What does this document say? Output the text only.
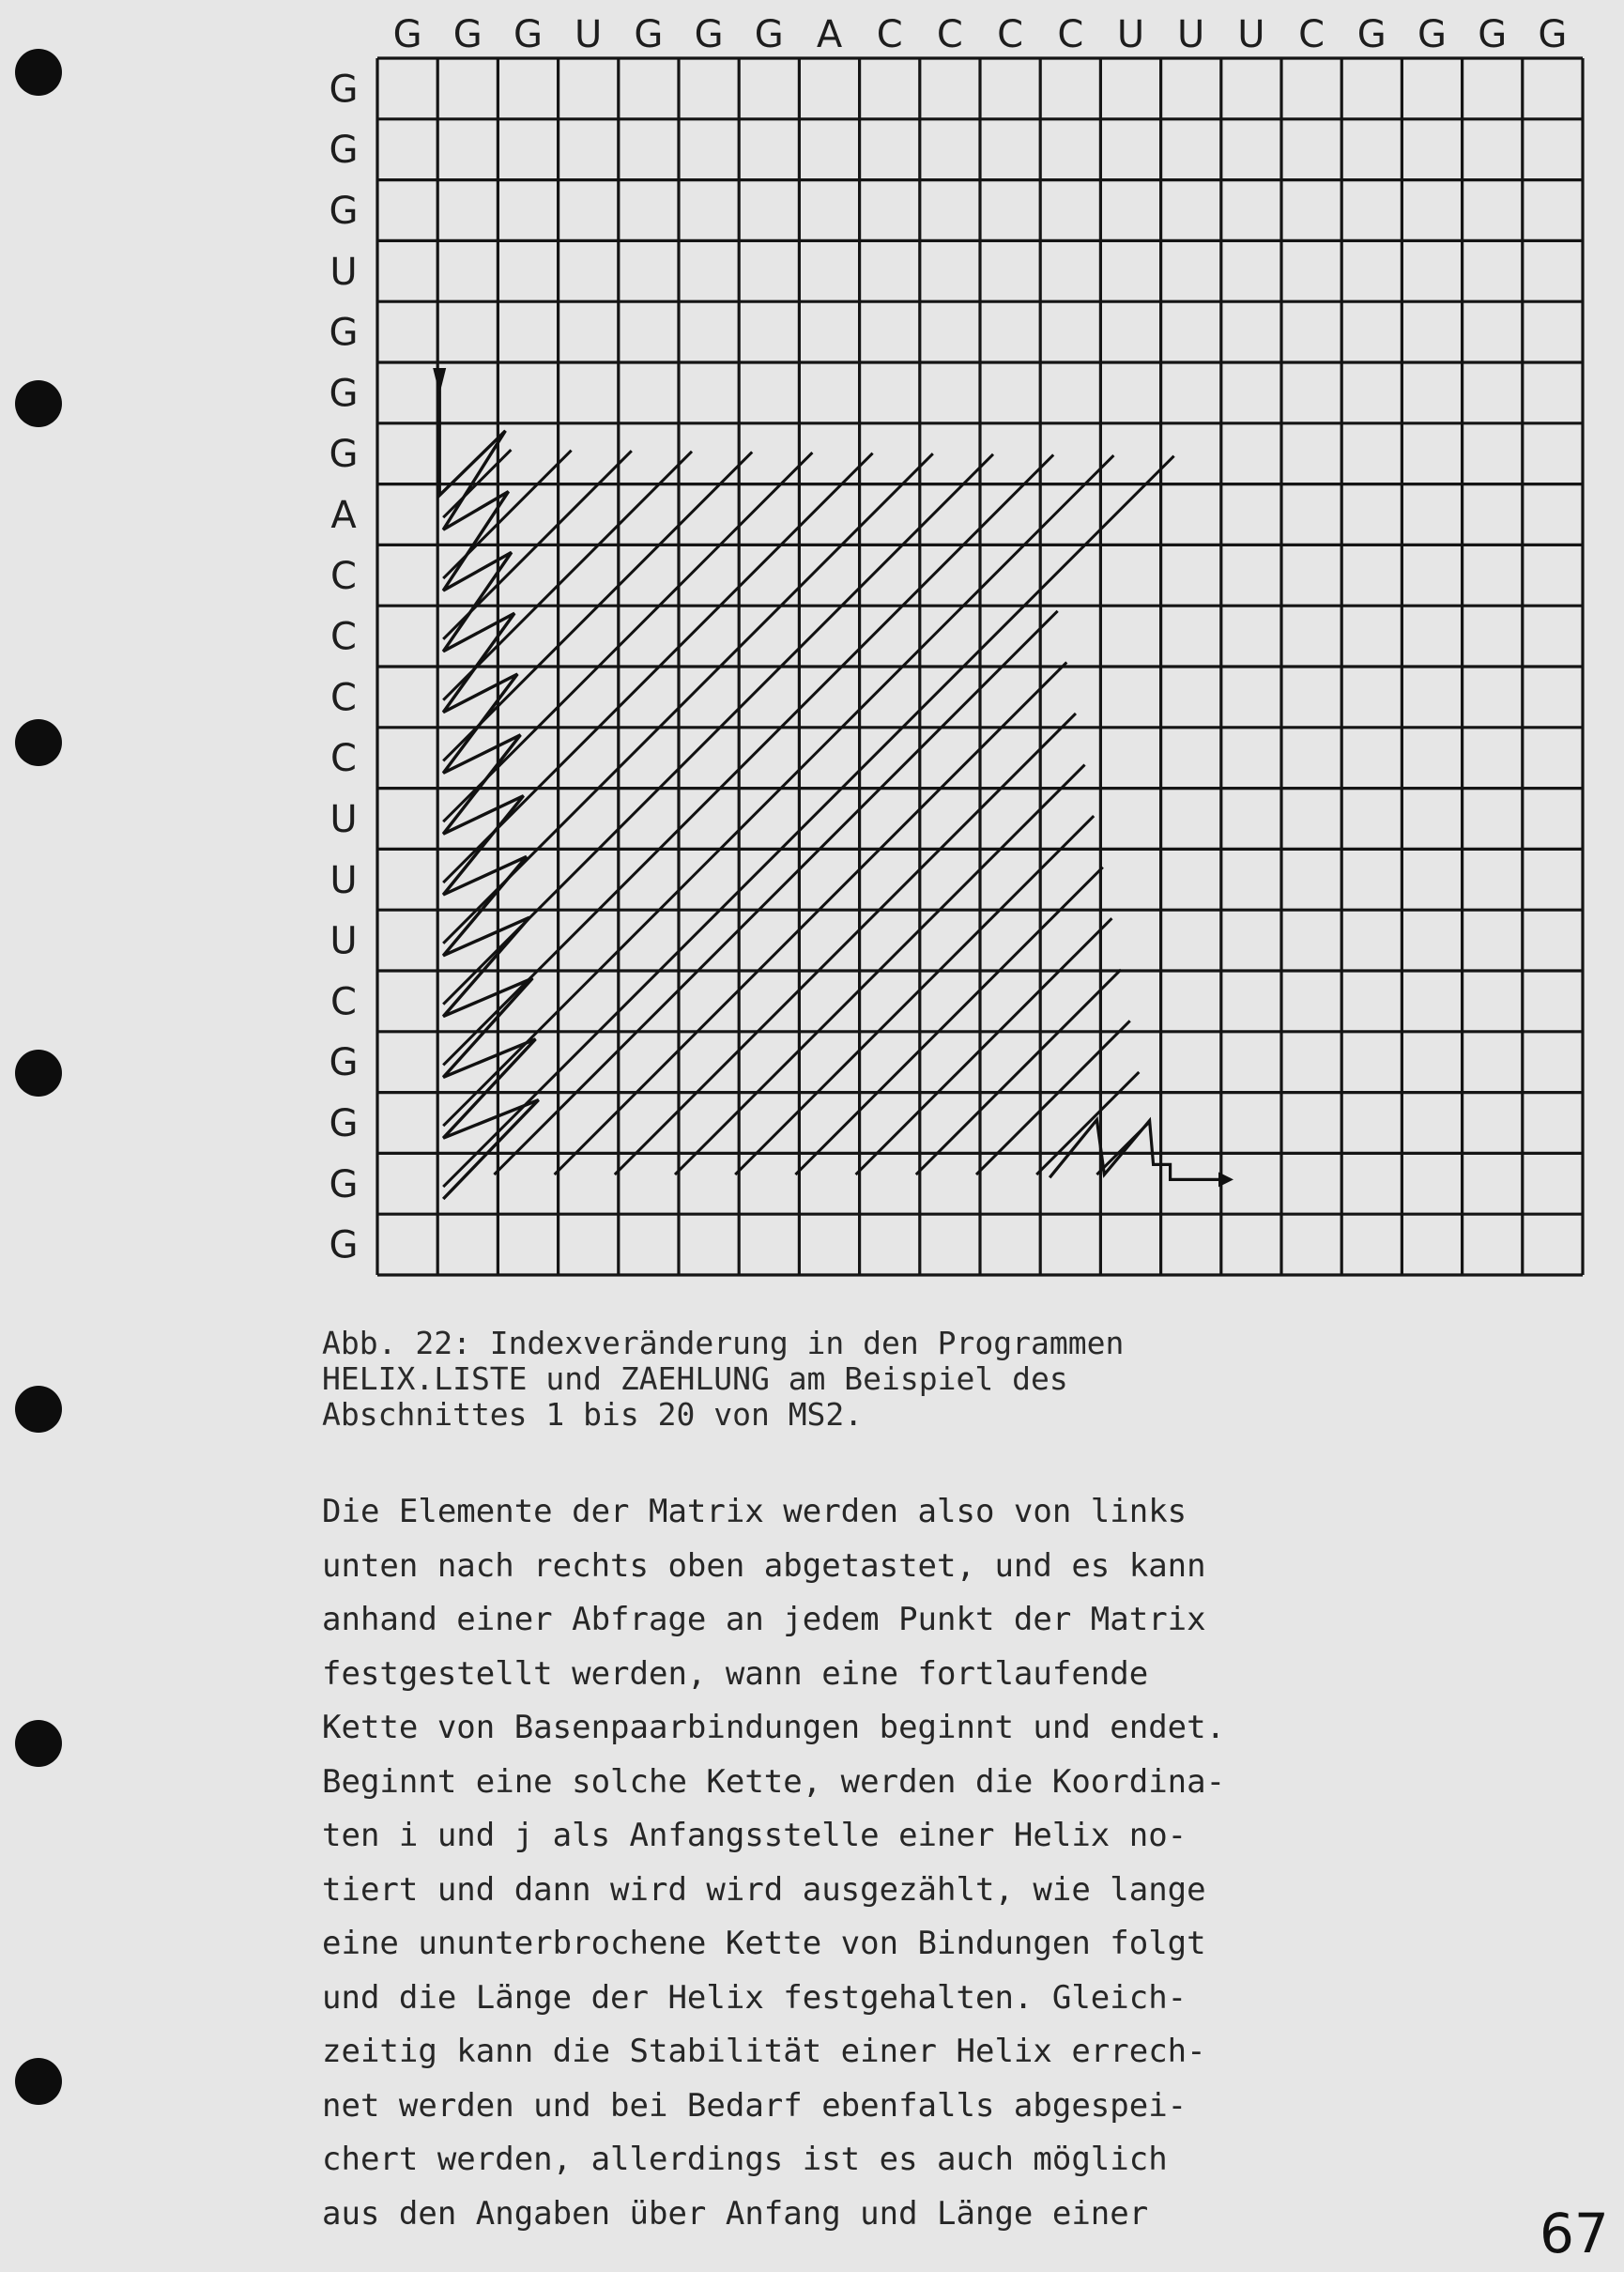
G G G U G G G A C C C C U U U C G G G G
G
G
G
U
G
G
G
A
C
C
C
C
U
U
U
C
G
G
G
G
Abb. 22: Indexveränderung in den Programmen
HELIX.LISTE und ZAEHLUNG am Beispiel des
Abschnittes 1 bis 20 von MS2.
Die Elemente der Matrix werden also von links
unten nach rechts oben abgetastet, und es kann
anhand einer Abfrage an jedem Punkt der Matrix
festgestellt werden, wann eine fortlaufende
Kette von Basenpaarbindungen beginnt und endet.
Beginnt eine solche Kette, werden die Koordina-
ten i und j als Anfangsstelle einer Helix no-
tiert und dann wird wird ausgezählt, wie lange
eine ununterbrochene Kette von Bindungen folgt
und die Länge der Helix festgehalten. Gleich-
zeitig kann die Stabilität einer Helix errech-
net werden und bei Bedarf ebenfalls abgespei-
chert werden, allerdings ist es auch möglich
aus den Angaben über Anfang und Länge einer	67
